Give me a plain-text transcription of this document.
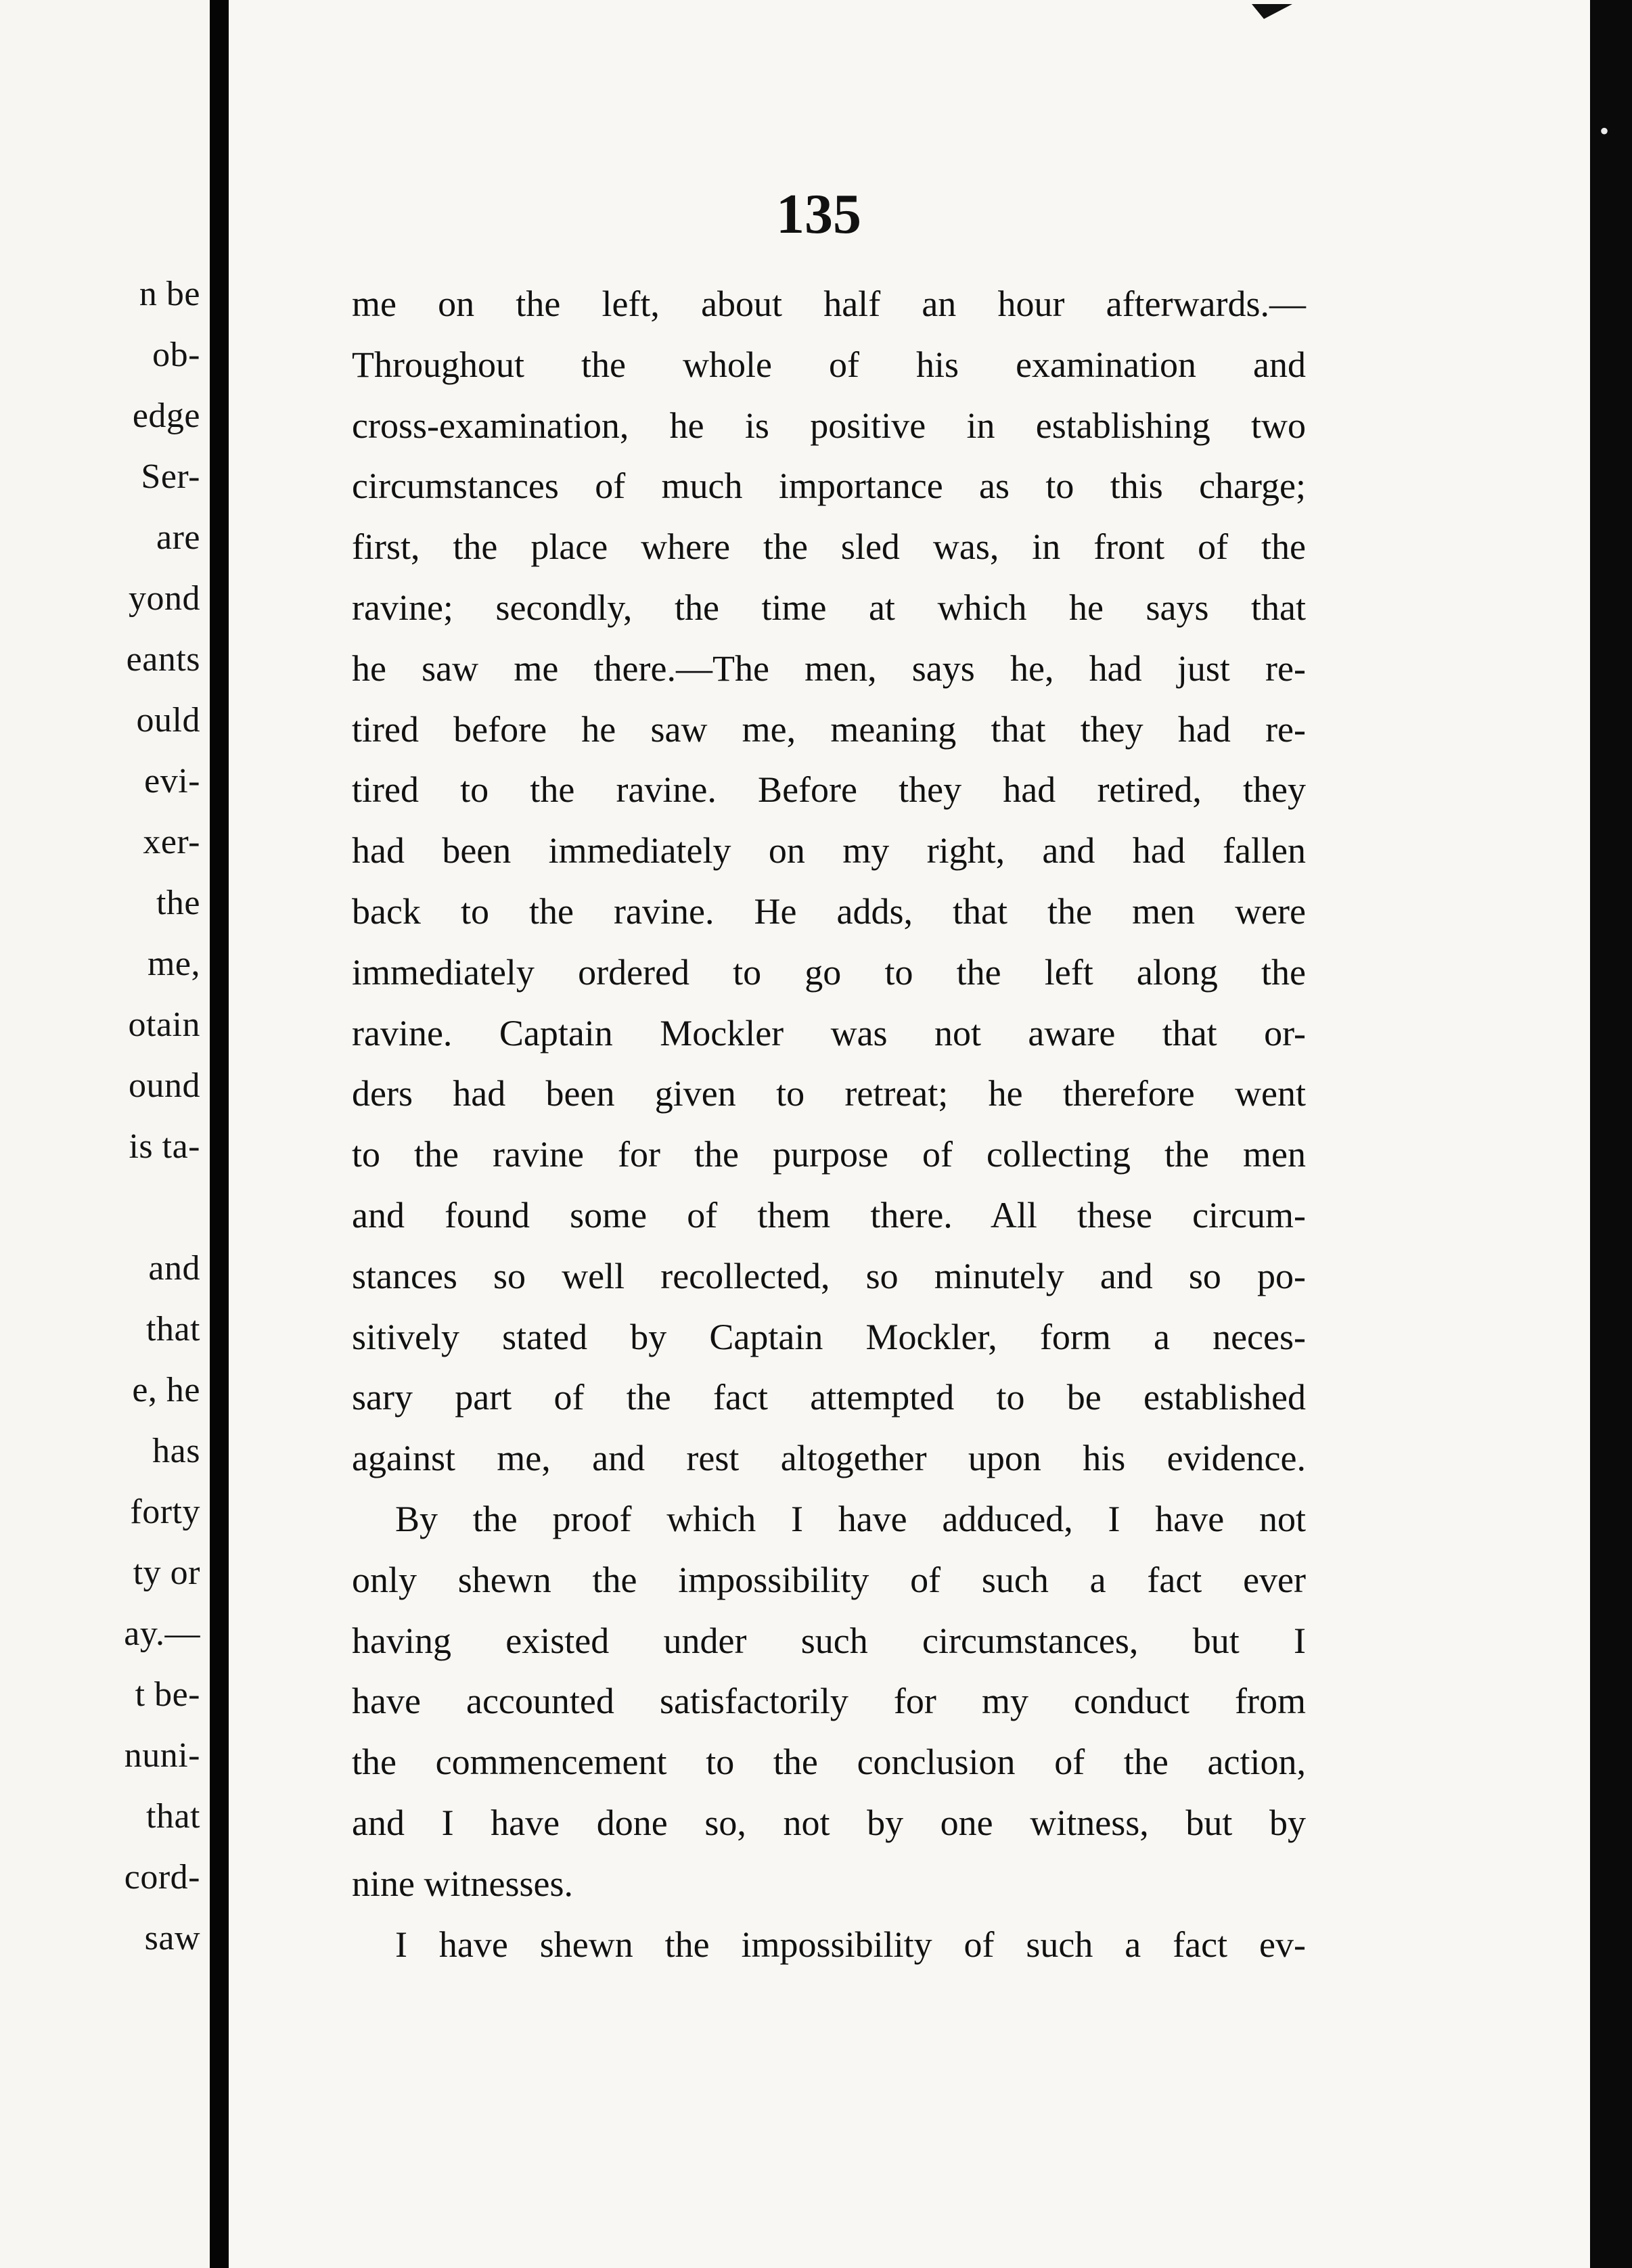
n be
ob-
edge
Ser-
are
yond
eants
ould
evi-
xer-
the
me,
otain
ound
is ta-
and
that
e, he
has
forty
ty or
ay.—
t be-
nuni-
that
cord-
saw
•
135
me on the left, about half an hour afterwards.—
Throughout the whole of his examination and
cross-examination, he is positive in establishing two
circumstances of much importance as to this charge;
first, the place where the sled was, in front of the
ravine; secondly, the time at which he says that
he saw me there.—The men, says he, had just re-
tired before he saw me, meaning that they had re-
tired to the ravine. Before they had retired, they
had been immediately on my right, and had fallen
back to the ravine. He adds, that the men were
immediately ordered to go to the left along the
ravine. Captain Mockler was not aware that or-
ders had been given to retreat; he therefore went
to the ravine for the purpose of collecting the men
and found some of them there. All these circum-
stances so well recollected, so minutely and so po-
sitively stated by Captain Mockler, form a neces-
sary part of the fact attempted to be established
against me, and rest altogether upon his evidence.
By the proof which I have adduced, I have not
only shewn the impossibility of such a fact ever
having existed under such circumstances, but I
have accounted satisfactorily for my conduct from
the commencement to the conclusion of the action,
and I have done so, not by one witness, but by
nine witnesses.
I have shewn the impossibility of such a fact ev-
